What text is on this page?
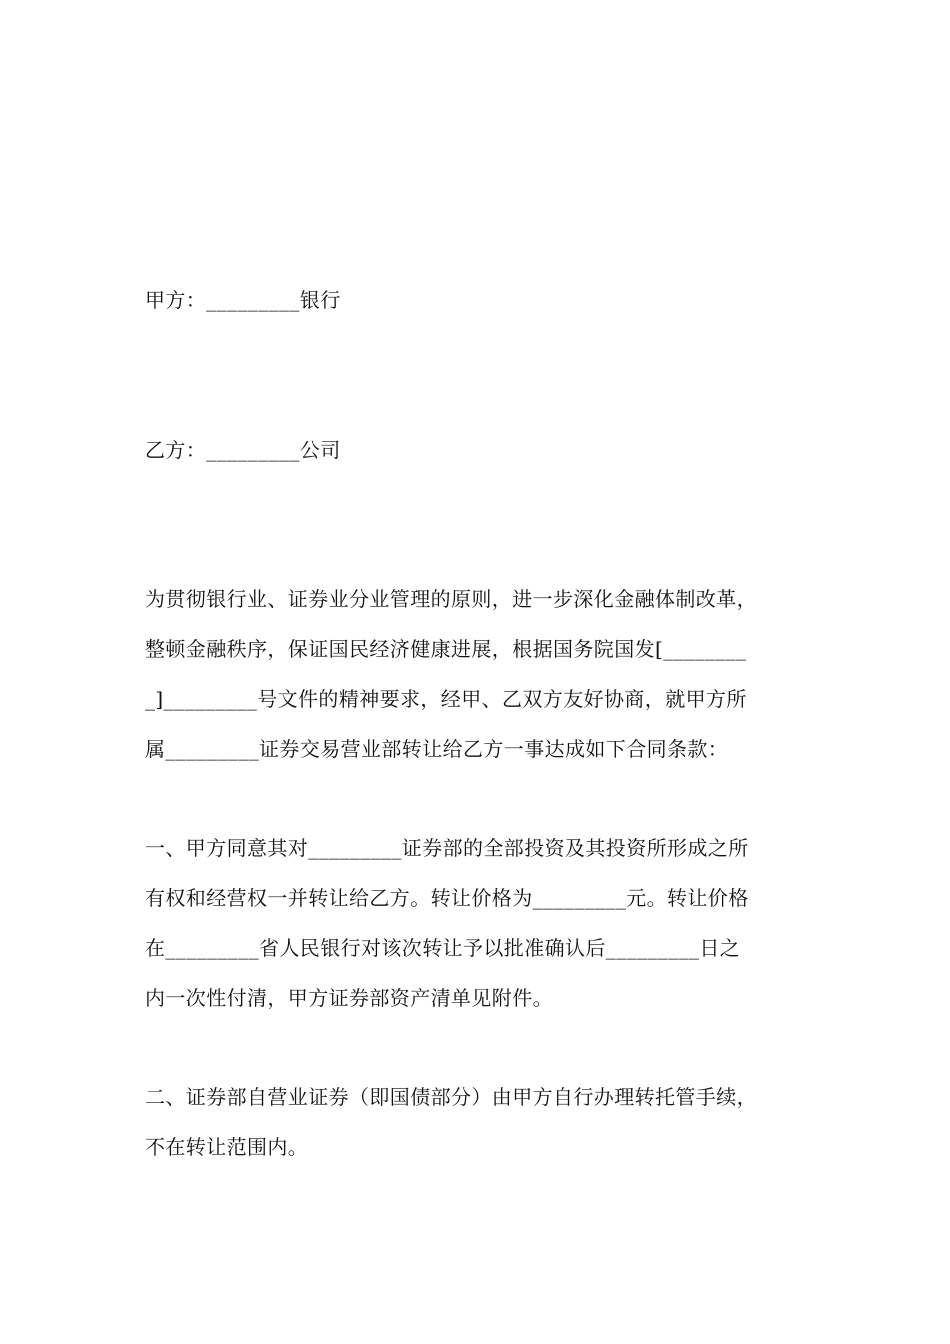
甲方：_________银行
乙方：_________公司
为贯彻银行业、证券业分业管理的原则，进一步深化金融体制改革，
整顿金融秩序，保证国民经济健康进展，根据国务院国发[________
_]_________号文件的精神要求，经甲、乙双方友好协商，就甲方所
属_________证券交易营业部转让给乙方一事达成如下合同条款：
一、甲方同意其对_________证券部的全部投资及其投资所形成之所
有权和经营权一并转让给乙方。转让价格为_________元。转让价格
在_________省人民银行对该次转让予以批准确认后_________日之
内一次性付清，甲方证券部资产清单见附件。
二、证券部自营业证券（即国债部分）由甲方自行办理转托管手续，
不在转让范围内。
